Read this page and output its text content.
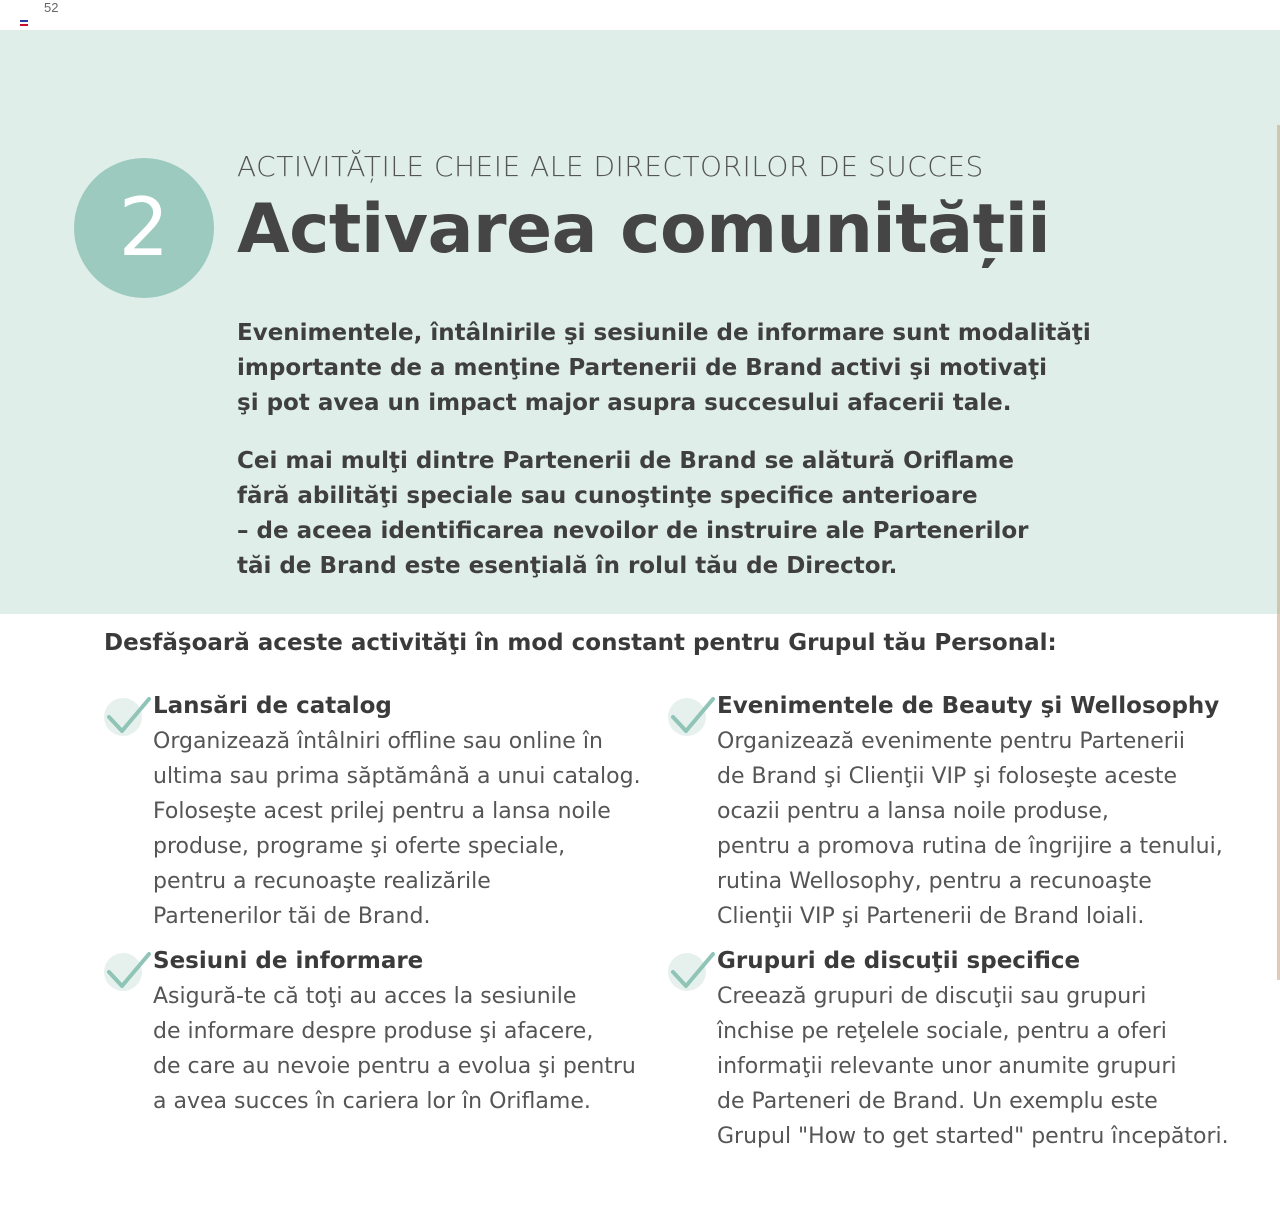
52
2
ACTIVITĂȚILE CHEIE ALE DIRECTORILOR DE SUCCES
Activarea comunității

Evenimentele, întâlnirile şi sesiunile de informare sunt modalităţi

importante de a menţine Partenerii de Brand activi şi motivaţi

şi pot avea un impact major asupra succesului afacerii tale.

Cei mai mulţi dintre Partenerii de Brand se alătură Oriflame

fără abilităţi speciale sau cunoştinţe specifice anterioare

– de aceea identificarea nevoilor de instruire ale Partenerilor

tăi de Brand este esenţială în rolul tău de Director.

Desfăşoară aceste activităţi în mod constant pentru Grupul tău Personal:
Lansări de catalog
Organizează întâlniri offline sau online în
ultima sau prima săptămână a unui catalog.
Foloseşte acest prilej pentru a lansa noile
produse, programe şi oferte speciale,
pentru a recunoaşte realizările
Partenerilor tăi de Brand.
Evenimentele de Beauty şi Wellosophy
Organizează evenimente pentru Partenerii
de Brand şi Clienţii VIP şi foloseşte aceste
ocazii pentru a lansa noile produse,
pentru a promova rutina de îngrijire a tenului,
rutina Wellosophy, pentru a recunoaşte
Clienţii VIP şi Partenerii de Brand loiali.
Sesiuni de informare
Asigură-te că toţi au acces la sesiunile
de informare despre produse şi afacere,
de care au nevoie pentru a evolua şi pentru
a avea succes în cariera lor în Oriflame.
Grupuri de discuţii specifice
Creează grupuri de discuţii sau grupuri
închise pe reţelele sociale, pentru a oferi
informaţii relevante unor anumite grupuri
de Parteneri de Brand. Un exemplu este
Grupul "How to get started" pentru începători.
